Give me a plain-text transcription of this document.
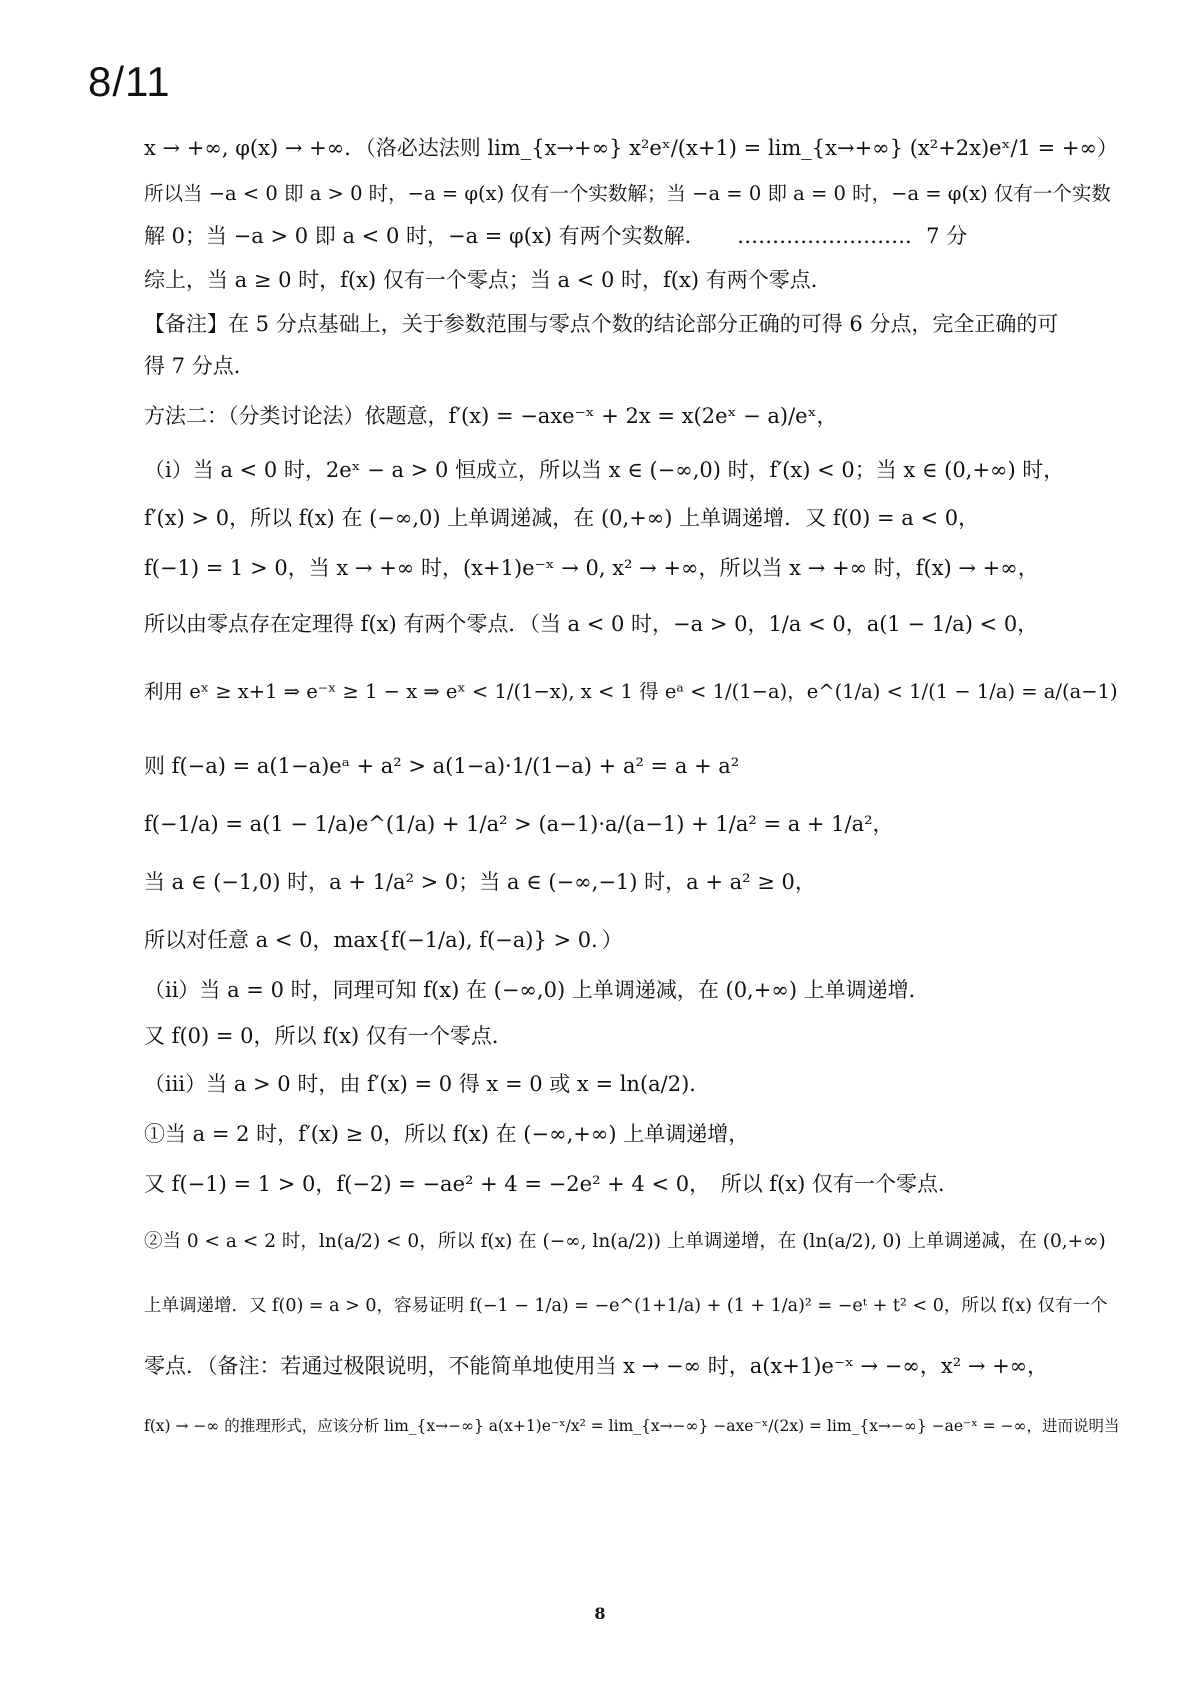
8/11
x → +∞, φ(x) → +∞．（洛必达法则 lim_{x→+∞} x²eˣ/(x+1) = lim_{x→+∞} (x²+2x)eˣ/1 = +∞）
所以当 −a < 0 即 a > 0 时，−a = φ(x) 仅有一个实数解；当 −a = 0 即 a = 0 时，−a = φ(x) 仅有一个实数
解 0；当 −a > 0 即 a < 0 时，−a = φ(x) 有两个实数解．　　……………………．7 分
综上，当 a ≥ 0 时，f(x) 仅有一个零点；当 a < 0 时，f(x) 有两个零点．
【备注】在 5 分点基础上，关于参数范围与零点个数的结论部分正确的可得 6 分点，完全正确的可
得 7 分点．
方法二：（分类讨论法）依题意，f′(x) = −axe⁻ˣ + 2x = x(2eˣ − a)/eˣ，
（i）当 a < 0 时，2eˣ − a > 0 恒成立，所以当 x ∈ (−∞,0) 时，f′(x) < 0；当 x ∈ (0,+∞) 时，
f′(x) > 0，所以 f(x) 在 (−∞,0) 上单调递减，在 (0,+∞) 上单调递增．又 f(0) = a < 0，
f(−1) = 1 > 0，当 x → +∞ 时，(x+1)e⁻ˣ → 0, x² → +∞，所以当 x → +∞ 时，f(x) → +∞，
所以由零点存在定理得 f(x) 有两个零点．（当 a < 0 时，−a > 0，1/a < 0，a(1 − 1/a) < 0，
利用 eˣ ≥ x+1 ⇒ e⁻ˣ ≥ 1 − x ⇒ eˣ < 1/(1−x), x < 1 得 eᵃ < 1/(1−a)，e^(1/a) < 1/(1 − 1/a) = a/(a−1)
则 f(−a) = a(1−a)eᵃ + a² > a(1−a)·1/(1−a) + a² = a + a²
f(−1/a) = a(1 − 1/a)e^(1/a) + 1/a² > (a−1)·a/(a−1) + 1/a² = a + 1/a²，
当 a ∈ (−1,0) 时，a + 1/a² > 0；当 a ∈ (−∞,−1) 时，a + a² ≥ 0，
所以对任意 a < 0，max{f(−1/a), f(−a)} > 0．）
（ii）当 a = 0 时，同理可知 f(x) 在 (−∞,0) 上单调递减，在 (0,+∞) 上单调递增．
又 f(0) = 0，所以 f(x) 仅有一个零点．
（iii）当 a > 0 时，由 f′(x) = 0 得 x = 0 或 x = ln(a/2)．
①当 a = 2 时，f′(x) ≥ 0，所以 f(x) 在 (−∞,+∞) 上单调递增，
又 f(−1) = 1 > 0，f(−2) = −ae² + 4 = −2e² + 4 < 0，　所以 f(x) 仅有一个零点．
②当 0 < a < 2 时，ln(a/2) < 0，所以 f(x) 在 (−∞, ln(a/2)) 上单调递增，在 (ln(a/2), 0) 上单调递减，在 (0,+∞)
上单调递增．又 f(0) = a > 0，容易证明 f(−1 − 1/a) = −e^(1+1/a) + (1 + 1/a)² = −eᵗ + t² < 0，所以 f(x) 仅有一个
零点．（备注：若通过极限说明，不能简单地使用当 x → −∞ 时，a(x+1)e⁻ˣ → −∞，x² → +∞，
f(x) → −∞ 的推理形式，应该分析 lim_{x→−∞} a(x+1)e⁻ˣ/x² = lim_{x→−∞} −axe⁻ˣ/(2x) = lim_{x→−∞} −ae⁻ˣ = −∞，进而说明当
8
